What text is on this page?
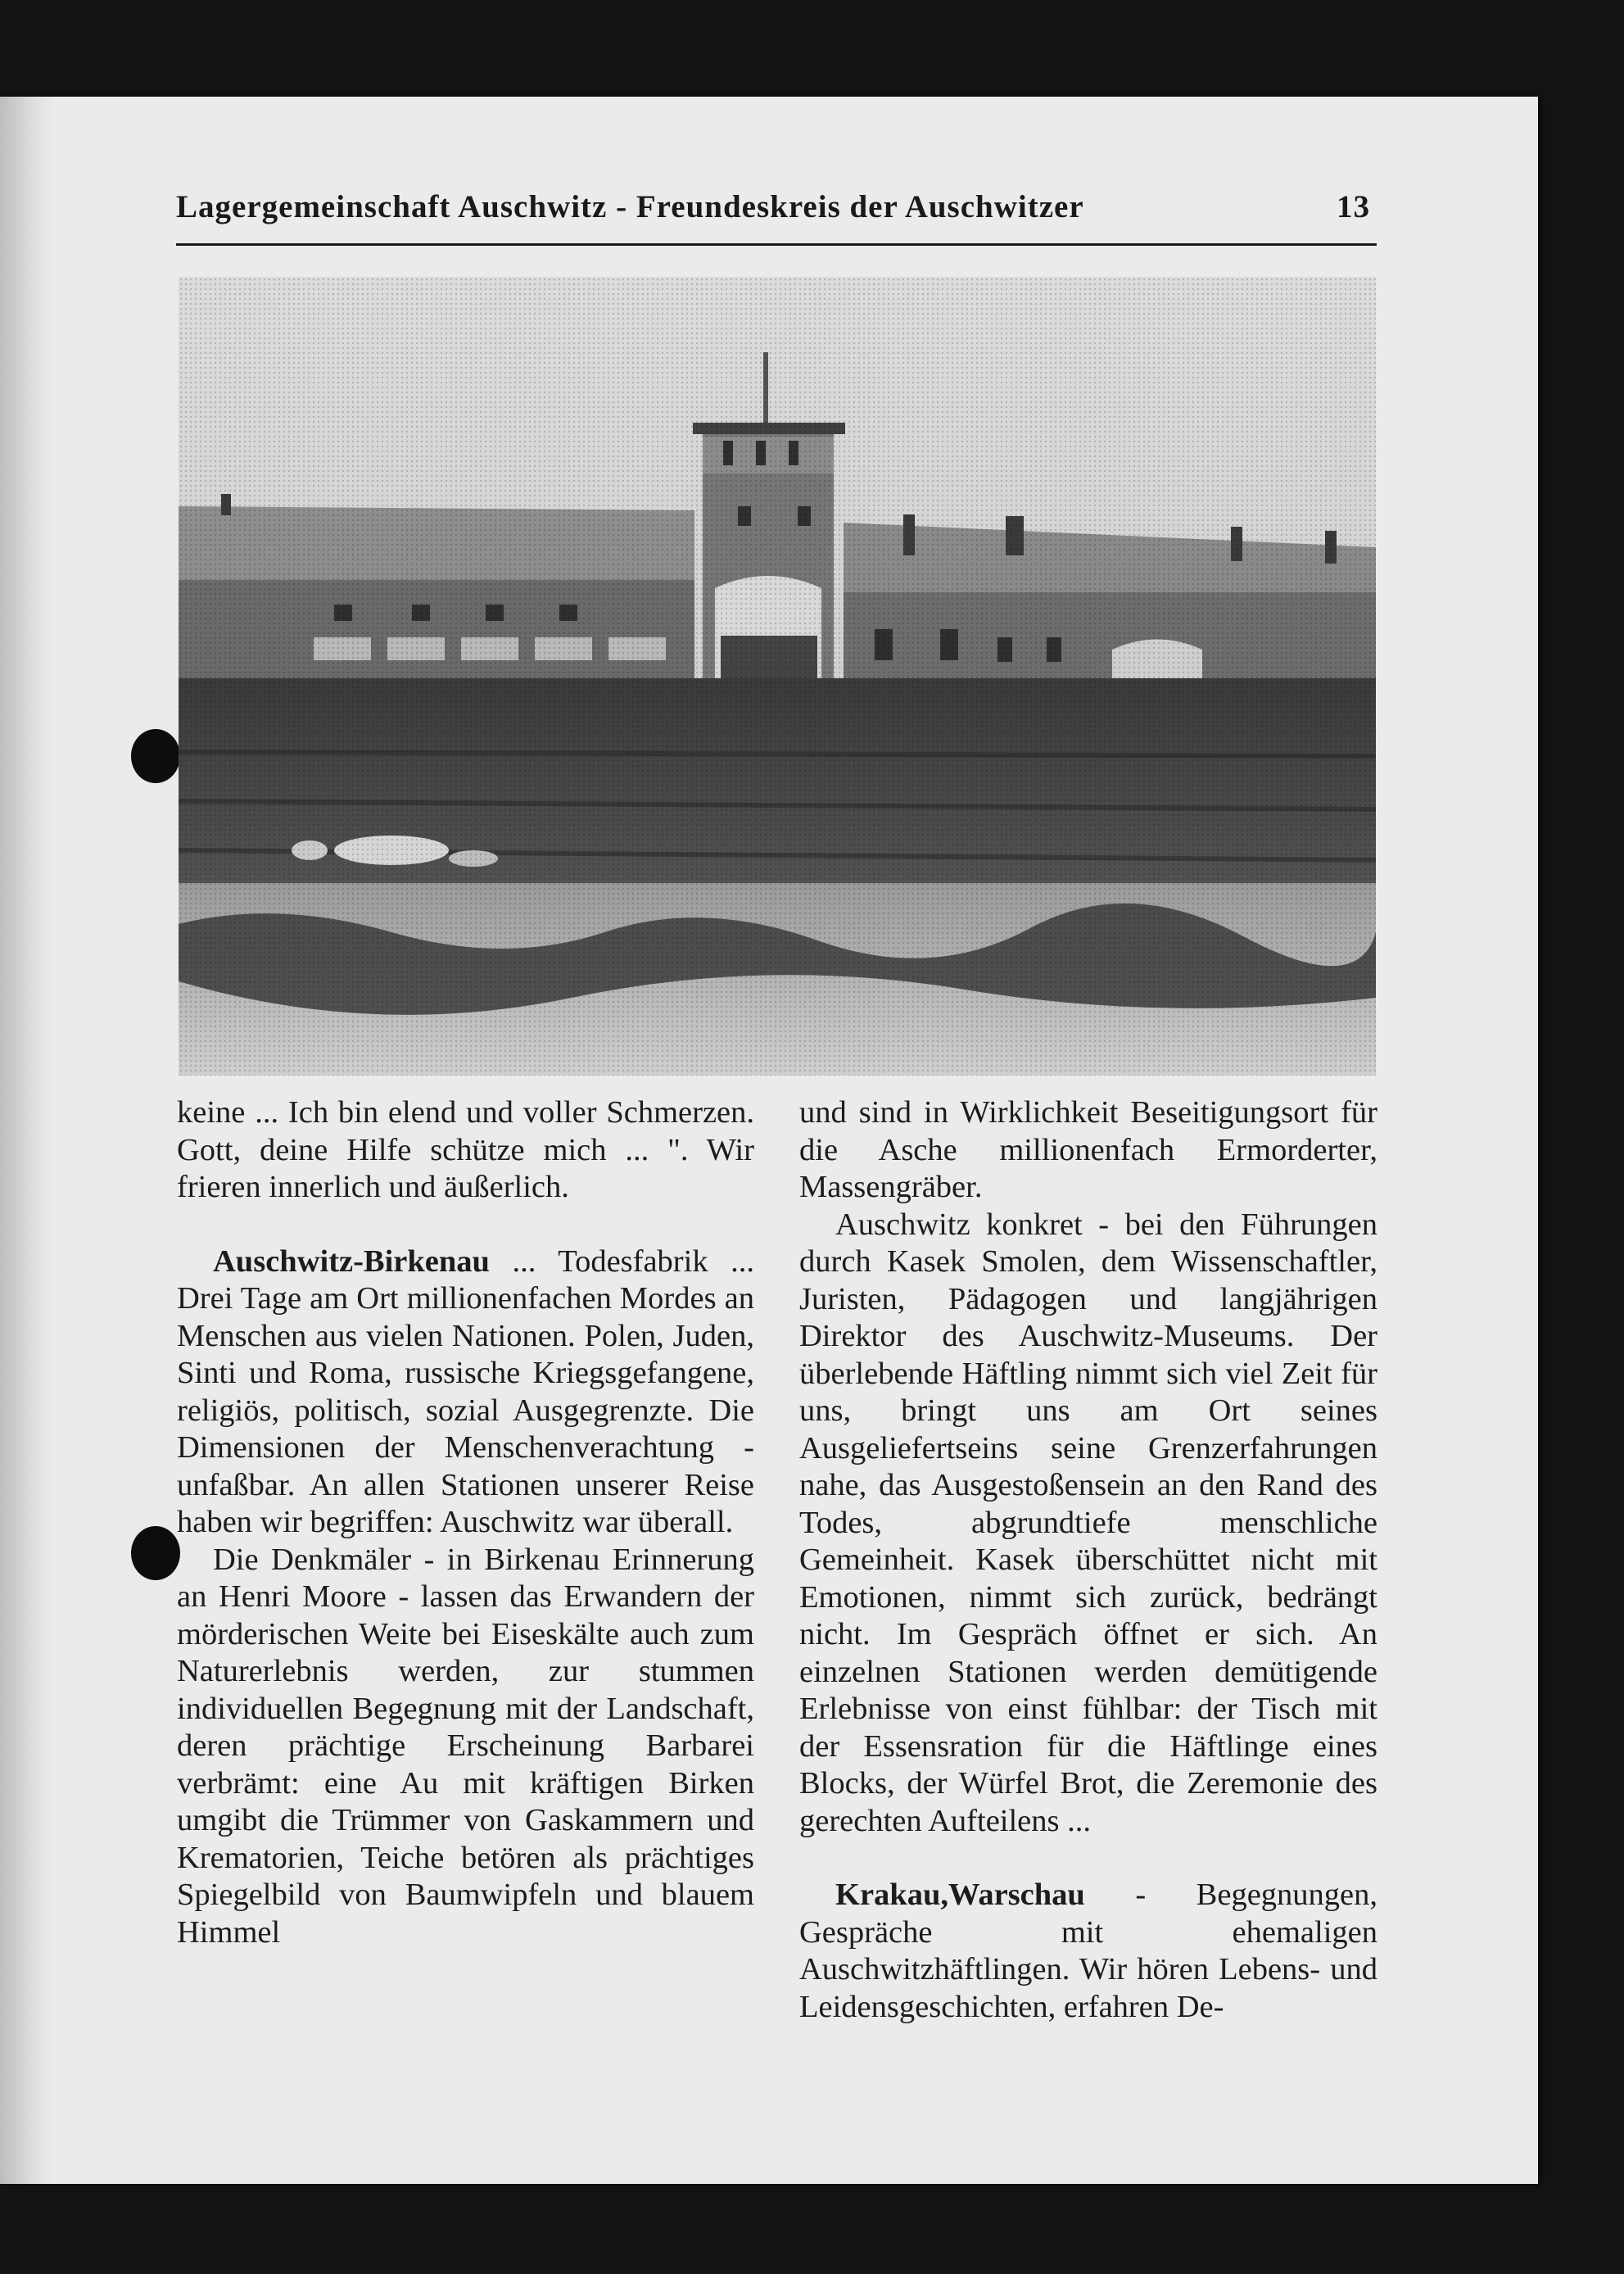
Lagergemeinschaft Auschwitz - Freundeskreis der Auschwitzer	13

keine ... Ich bin elend und voller Schmerzen. Gott, deine Hilfe schütze mich ... ". Wir frieren innerlich und äußerlich.

Auschwitz-Birkenau ... Todesfabrik ... Drei Tage am Ort millionenfachen Mordes an Menschen aus vielen Nationen. Polen, Juden, Sinti und Roma, russische Kriegsgefangene, religiös, politisch, sozial Ausgegrenzte. Die Dimensionen der Menschenverachtung - unfaßbar. An allen Stationen unserer Reise haben wir begriffen: Auschwitz war überall.

Die Denkmäler - in Birkenau Erinnerung an Henri Moore - lassen das Erwandern der mörderischen Weite bei Eiseskälte auch zum Naturerlebnis werden, zur stummen individuellen Begegnung mit der Landschaft, deren prächtige Erscheinung Barbarei verbrämt: eine Au mit kräftigen Birken umgibt die Trümmer von Gaskammern und Krematorien, Teiche betören als prächtiges Spiegelbild von Baumwipfeln und blauem Himmel

und sind in Wirklichkeit Beseitigungsort für die Asche millionenfach Ermorderter, Massengräber.

Auschwitz konkret - bei den Führungen durch Kasek Smolen, dem Wissenschaftler, Juristen, Pädagogen und langjährigen Direktor des Auschwitz-Museums. Der überlebende Häftling nimmt sich viel Zeit für uns, bringt uns am Ort seines Ausgeliefertseins seine Grenzerfahrungen nahe, das Ausgestoßensein an den Rand des Todes, abgrundtiefe menschliche Gemeinheit. Kasek überschüttet nicht mit Emotionen, nimmt sich zurück, bedrängt nicht. Im Gespräch öffnet er sich. An einzelnen Stationen werden demütigende Erlebnisse von einst fühlbar: der Tisch mit der Essensration für die Häftlinge eines Blocks, der Würfel Brot, die Zeremonie des gerechten Aufteilens ...

Krakau,Warschau - Begegnungen, Gespräche mit ehemaligen Auschwitzhäftlingen. Wir hören Lebens- und Leidensgeschichten, erfahren De-
